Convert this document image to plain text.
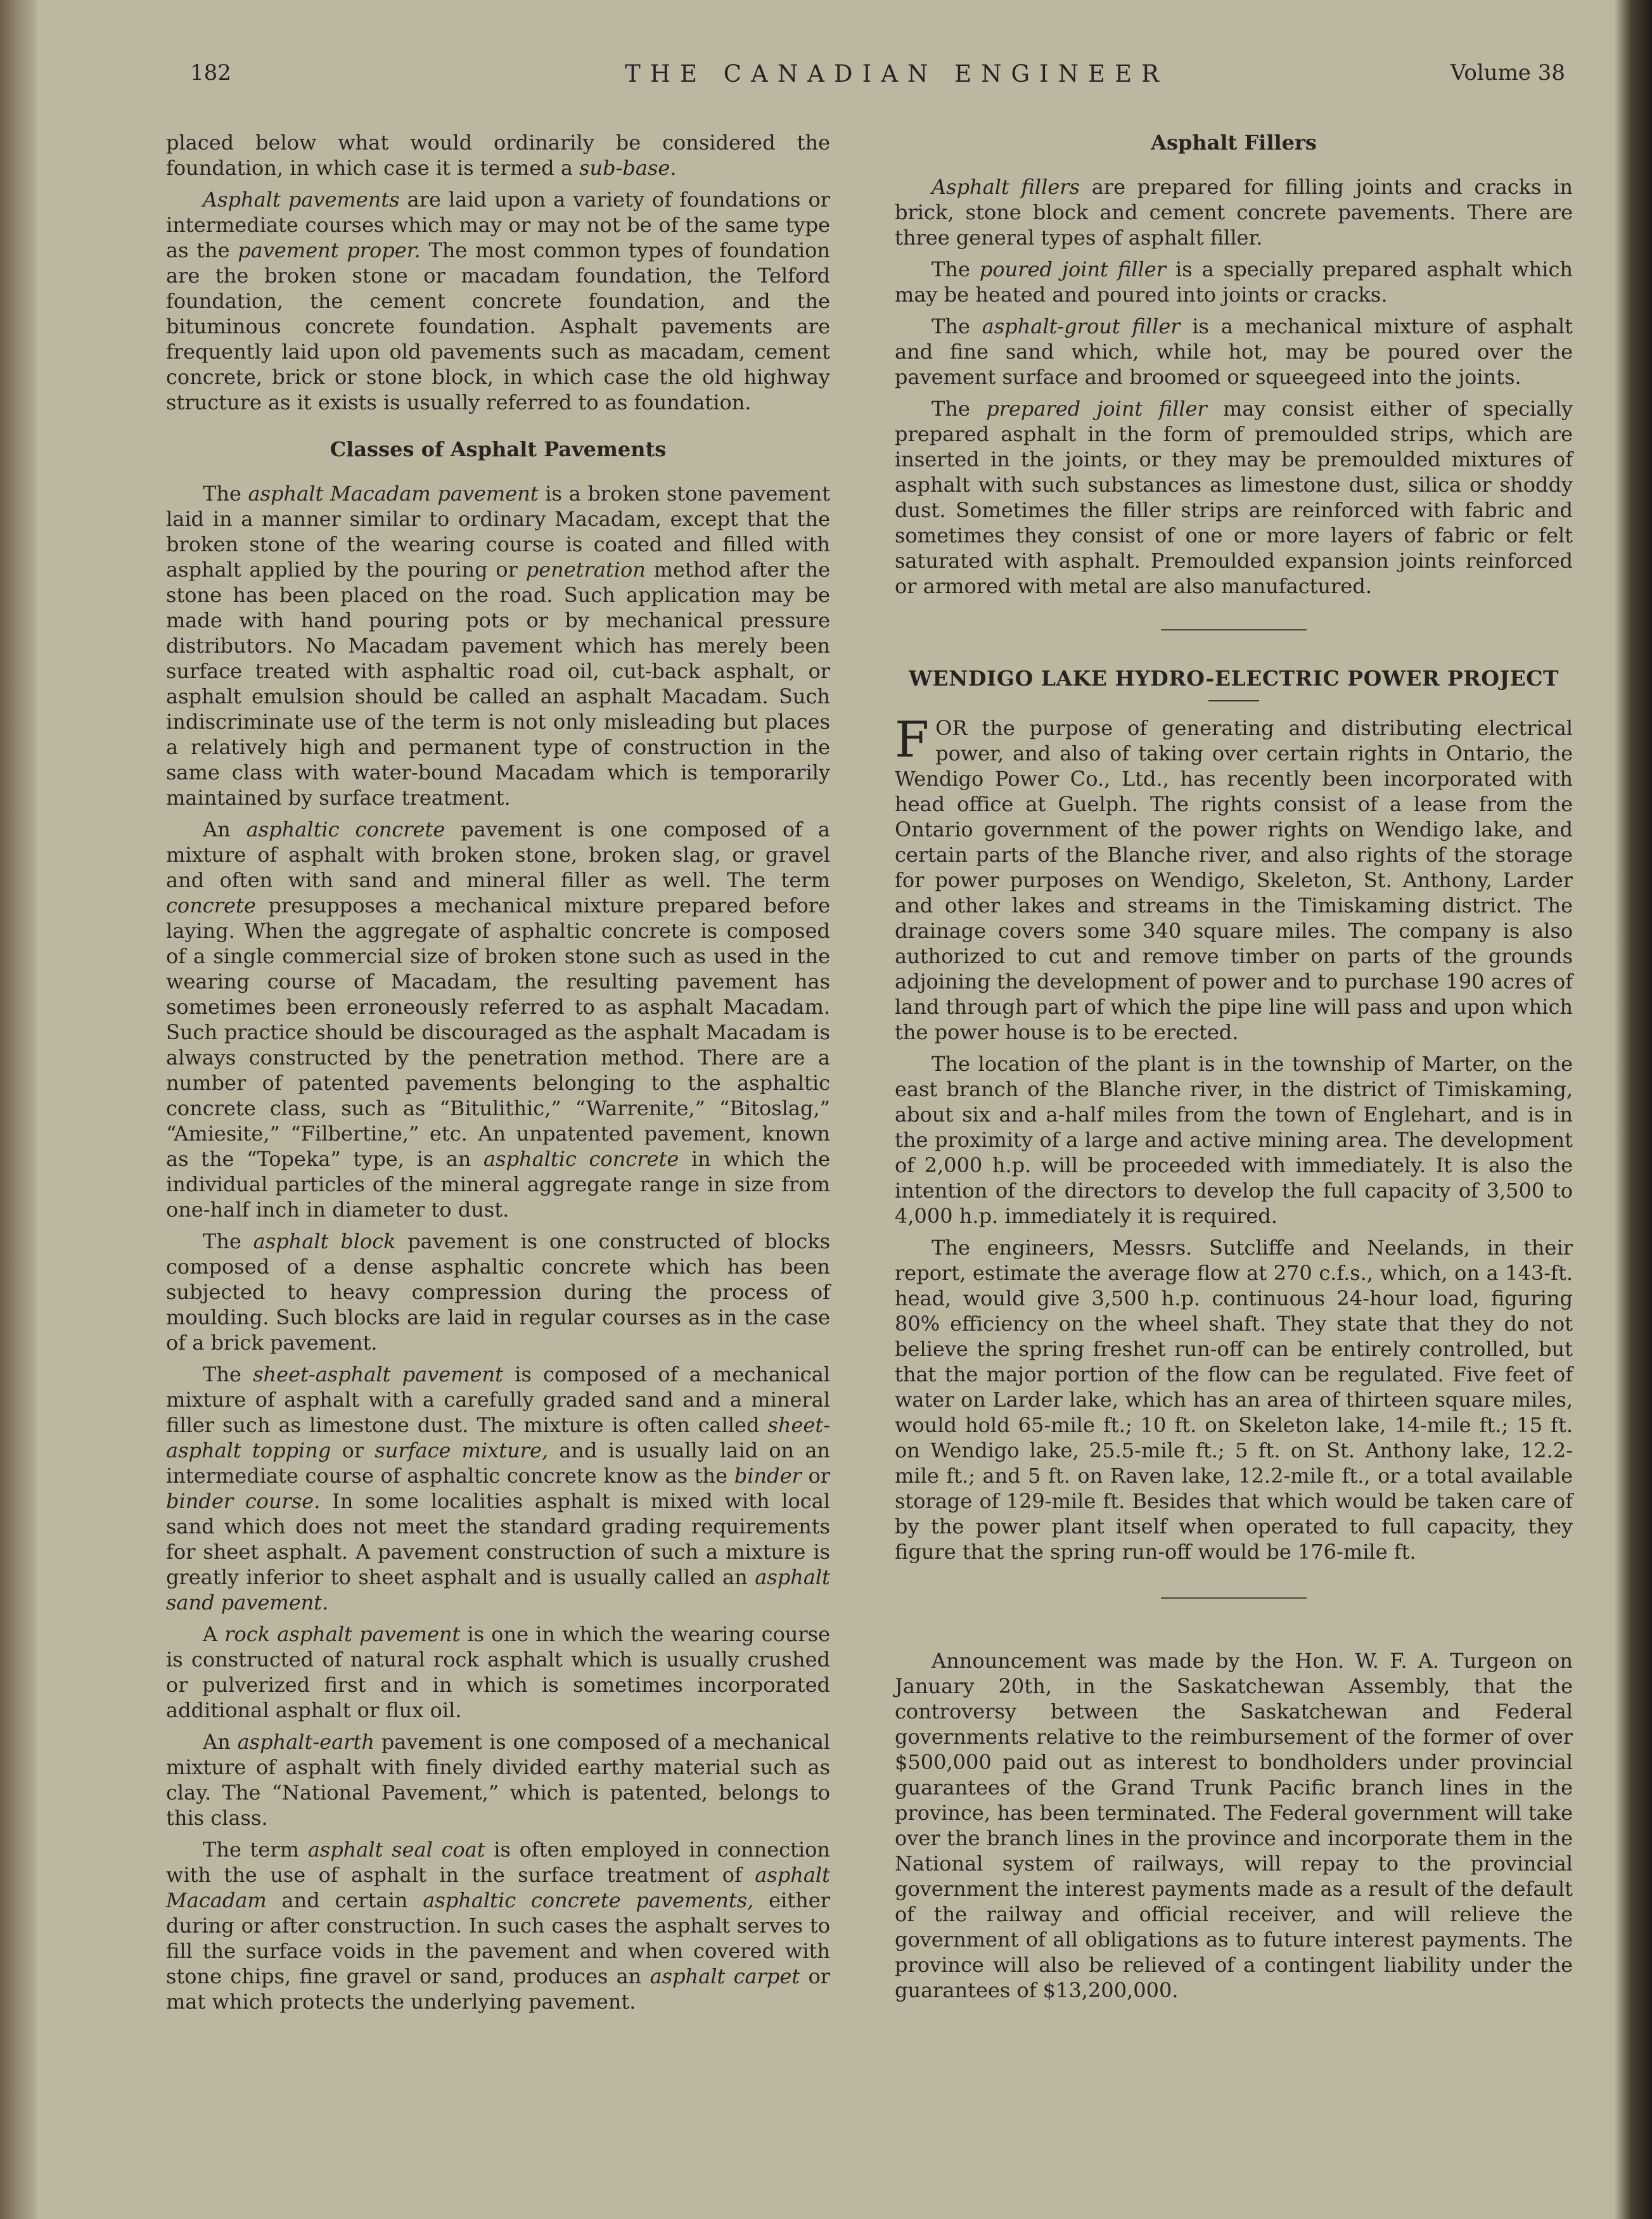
182	THE CANADIAN ENGINEER	Volume 38

placed below what would ordinarily be considered the foundation, in which case it is termed a sub-base.

Asphalt pavements are laid upon a variety of foundations or intermediate courses which may or may not be of the same type as the pavement proper. The most common types of foundation are the broken stone or macadam foundation, the Telford foundation, the cement concrete foundation, and the bituminous concrete foundation. Asphalt pavements are frequently laid upon old pavements such as macadam, cement concrete, brick or stone block, in which case the old highway structure as it exists is usually referred to as foundation.

Classes of Asphalt Pavements

The asphalt Macadam pavement is a broken stone pavement laid in a manner similar to ordinary Macadam, except that the broken stone of the wearing course is coated and filled with asphalt applied by the pouring or penetration method after the stone has been placed on the road. Such application may be made with hand pouring pots or by mechanical pressure distributors. No Macadam pavement which has merely been surface treated with asphaltic road oil, cut-back asphalt, or asphalt emulsion should be called an asphalt Macadam. Such indiscriminate use of the term is not only misleading but places a relatively high and permanent type of construction in the same class with water-bound Macadam which is temporarily maintained by surface treatment.

An asphaltic concrete pavement is one composed of a mixture of asphalt with broken stone, broken slag, or gravel and often with sand and mineral filler as well. The term concrete presupposes a mechanical mixture prepared before laying. When the aggregate of asphaltic concrete is composed of a single commercial size of broken stone such as used in the wearing course of Macadam, the resulting pavement has sometimes been erroneously referred to as asphalt Macadam. Such practice should be discouraged as the asphalt Macadam is always constructed by the penetration method. There are a number of patented pavements belonging to the asphaltic concrete class, such as “Bitulithic,” “Warrenite,” “Bitoslag,” “Amiesite,” “Filbertine,” etc. An unpatented pavement, known as the “Topeka” type, is an asphaltic concrete in which the individual particles of the mineral aggregate range in size from one-half inch in diameter to dust.

The asphalt block pavement is one constructed of blocks composed of a dense asphaltic concrete which has been subjected to heavy compression during the process of moulding. Such blocks are laid in regular courses as in the case of a brick pavement.

The sheet-asphalt pavement is composed of a mechanical mixture of asphalt with a carefully graded sand and a mineral filler such as limestone dust. The mixture is often called sheet-asphalt topping or surface mixture, and is usually laid on an intermediate course of asphaltic concrete know as the binder or binder course. In some localities asphalt is mixed with local sand which does not meet the standard grading requirements for sheet asphalt. A pavement construction of such a mixture is greatly inferior to sheet asphalt and is usually called an asphalt sand pavement.

A rock asphalt pavement is one in which the wearing course is constructed of natural rock asphalt which is usually crushed or pulverized first and in which is sometimes incorporated additional asphalt or flux oil.

An asphalt-earth pavement is one composed of a mechanical mixture of asphalt with finely divided earthy material such as clay. The “National Pavement,” which is patented, belongs to this class.

The term asphalt seal coat is often employed in connection with the use of asphalt in the surface treatment of asphalt Macadam and certain asphaltic concrete pavements, either during or after construction. In such cases the asphalt serves to fill the surface voids in the pavement and when covered with stone chips, fine gravel or sand, produces an asphalt carpet or mat which protects the underlying pavement.

Asphalt Fillers

Asphalt fillers are prepared for filling joints and cracks in brick, stone block and cement concrete pavements. There are three general types of asphalt filler.

The poured joint filler is a specially prepared asphalt which may be heated and poured into joints or cracks.

The asphalt-grout filler is a mechanical mixture of asphalt and fine sand which, while hot, may be poured over the pavement surface and broomed or squeegeed into the joints.

The prepared joint filler may consist either of specially prepared asphalt in the form of premoulded strips, which are inserted in the joints, or they may be premoulded mixtures of asphalt with such substances as limestone dust, silica or shoddy dust. Sometimes the filler strips are reinforced with fabric and sometimes they consist of one or more layers of fabric or felt saturated with asphalt. Premoulded expansion joints reinforced or armored with metal are also manufactured.

WENDIGO LAKE HYDRO-ELECTRIC POWER PROJECT

FOR the purpose of generating and distributing electrical power, and also of taking over certain rights in Ontario, the Wendigo Power Co., Ltd., has recently been incorporated with head office at Guelph. The rights consist of a lease from the Ontario government of the power rights on Wendigo lake, and certain parts of the Blanche river, and also rights of the storage for power purposes on Wendigo, Skeleton, St. Anthony, Larder and other lakes and streams in the Timiskaming district. The drainage covers some 340 square miles. The company is also authorized to cut and remove timber on parts of the grounds adjoining the development of power and to purchase 190 acres of land through part of which the pipe line will pass and upon which the power house is to be erected.

The location of the plant is in the township of Marter, on the east branch of the Blanche river, in the district of Timiskaming, about six and a-half miles from the town of Englehart, and is in the proximity of a large and active mining area. The development of 2,000 h.p. will be proceeded with immediately. It is also the intention of the directors to develop the full capacity of 3,500 to 4,000 h.p. immediately it is required.

The engineers, Messrs. Sutcliffe and Neelands, in their report, estimate the average flow at 270 c.f.s., which, on a 143-ft. head, would give 3,500 h.p. continuous 24-hour load, figuring 80% efficiency on the wheel shaft. They state that they do not believe the spring freshet run-off can be entirely controlled, but that the major portion of the flow can be regulated. Five feet of water on Larder lake, which has an area of thirteen square miles, would hold 65-mile ft.; 10 ft. on Skeleton lake, 14-mile ft.; 15 ft. on Wendigo lake, 25.5-mile ft.; 5 ft. on St. Anthony lake, 12.2-mile ft.; and 5 ft. on Raven lake, 12.2-mile ft., or a total available storage of 129-mile ft. Besides that which would be taken care of by the power plant itself when operated to full capacity, they figure that the spring run-off would be 176-mile ft.

Announcement was made by the Hon. W. F. A. Turgeon on January 20th, in the Saskatchewan Assembly, that the controversy between the Saskatchewan and Federal governments relative to the reimbursement of the former of over $500,000 paid out as interest to bondholders under provincial guarantees of the Grand Trunk Pacific branch lines in the province, has been terminated. The Federal government will take over the branch lines in the province and incorporate them in the National system of railways, will repay to the provincial government the interest payments made as a result of the default of the railway and official receiver, and will relieve the government of all obligations as to future interest payments. The province will also be relieved of a contingent liability under the guarantees of $13,200,000.
